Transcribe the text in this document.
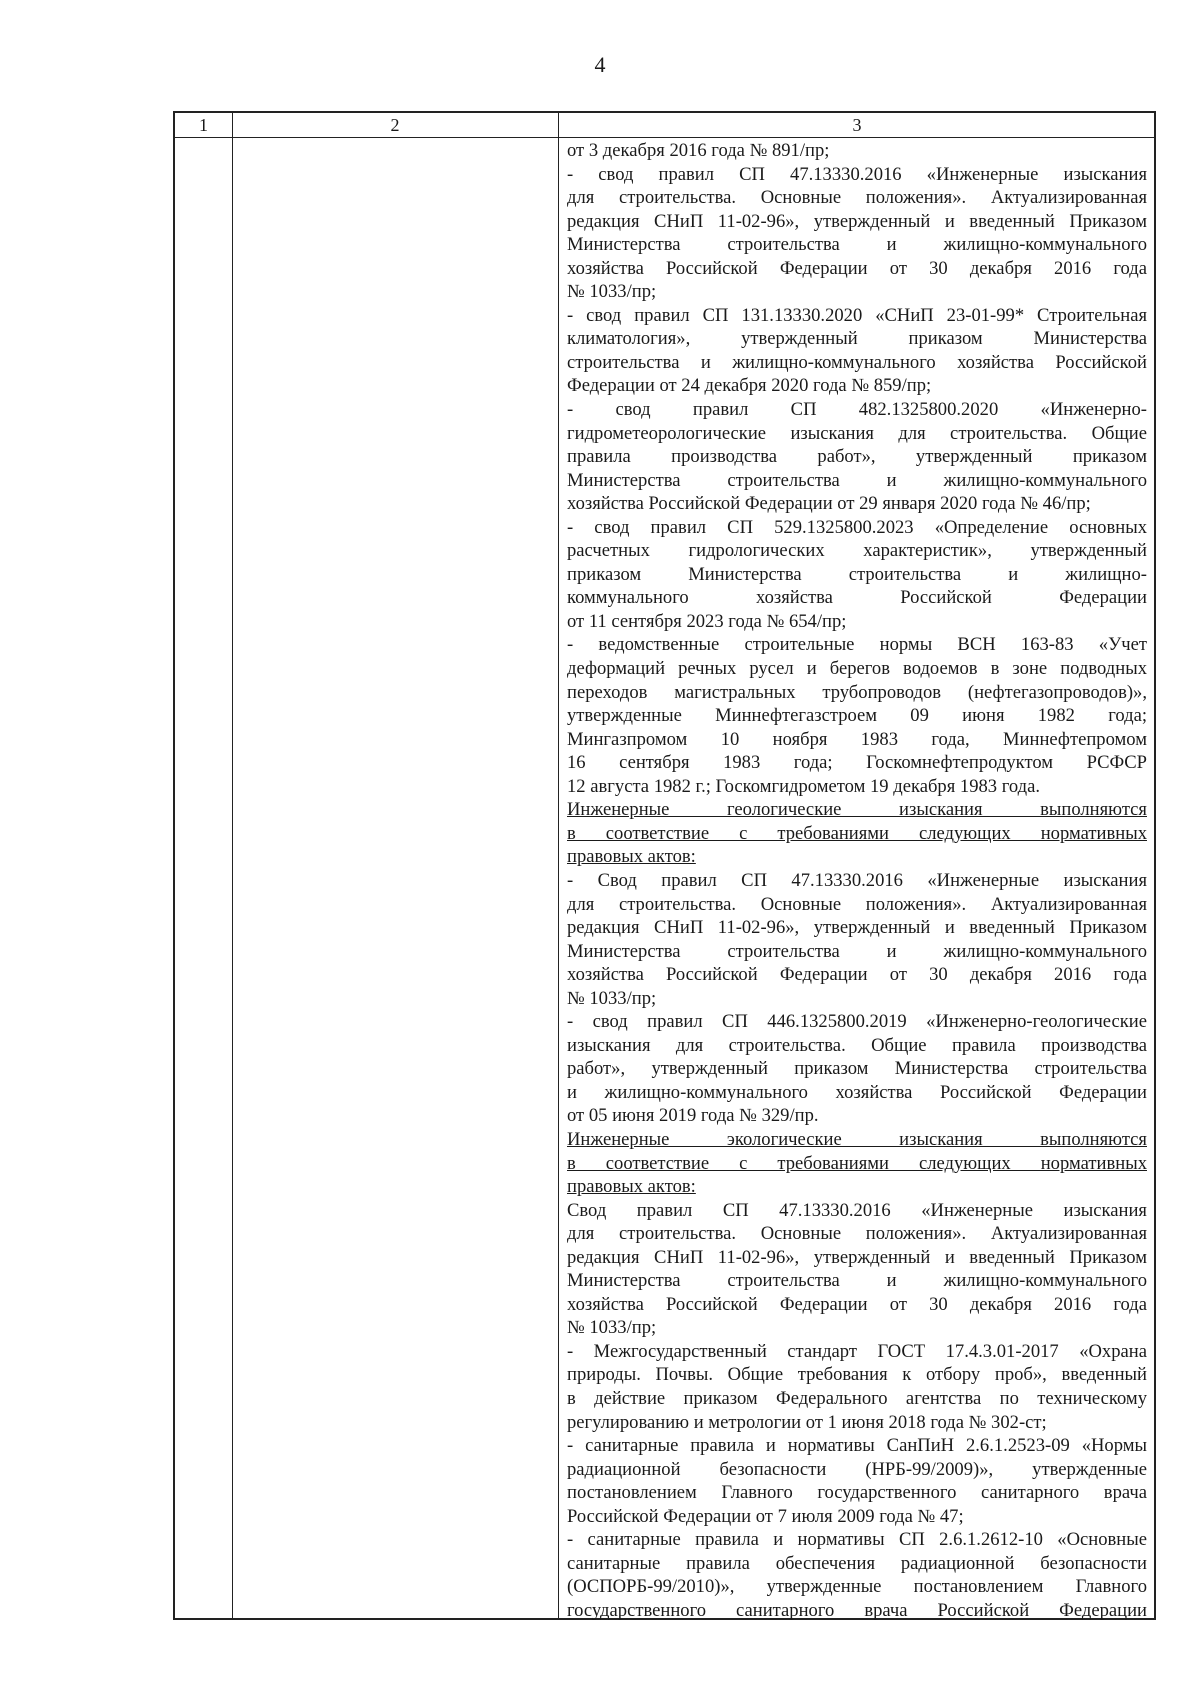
4
1	2	3
от 3 декабря 2016 года № 891/пр;
- свод правил СП 47.13330.2016 «Инженерные изыскания
для строительства. Основные положения». Актуализированная
редакция СНиП 11-02-96», утвержденный и введенный Приказом
Министерства строительства и жилищно-коммунального
хозяйства Российской Федерации от 30 декабря 2016 года
№ 1033/пр;
- свод правил СП 131.13330.2020 «СНиП 23-01-99* Строительная
климатология», утвержденный приказом Министерства
строительства и жилищно-коммунального хозяйства Российской
Федерации от 24 декабря 2020 года № 859/пр;
- свод правил СП 482.1325800.2020 «Инженерно-
гидрометеорологические изыскания для строительства. Общие
правила производства работ», утвержденный приказом
Министерства строительства и жилищно-коммунального
хозяйства Российской Федерации от 29 января 2020 года № 46/пр;
- свод правил СП 529.1325800.2023 «Определение основных
расчетных гидрологических характеристик», утвержденный
приказом Министерства строительства и жилищно-
коммунального хозяйства Российской Федерации
от 11 сентября 2023 года № 654/пр;
- ведомственные строительные нормы ВСН 163-83 «Учет
деформаций речных русел и берегов водоемов в зоне подводных
переходов магистральных трубопроводов (нефтегазопроводов)»,
утвержденные Миннефтегазстроем 09 июня 1982 года;
Мингазпромом 10 ноября 1983 года, Миннефтепромом
16 сентября 1983 года; Госкомнефтепродуктом РСФСР
12 августа 1982 г.; Госкомгидрометом 19 декабря 1983 года.
Инженерные геологические изыскания выполняются
в соответствие с требованиями следующих нормативных
правовых актов:
- Свод правил СП 47.13330.2016 «Инженерные изыскания
для строительства. Основные положения». Актуализированная
редакция СНиП 11-02-96», утвержденный и введенный Приказом
Министерства строительства и жилищно-коммунального
хозяйства Российской Федерации от 30 декабря 2016 года
№ 1033/пр;
- свод правил СП 446.1325800.2019 «Инженерно-геологические
изыскания для строительства. Общие правила производства
работ», утвержденный приказом Министерства строительства
и жилищно-коммунального хозяйства Российской Федерации
от 05 июня 2019 года № 329/пр.
Инженерные экологические изыскания выполняются
в соответствие с требованиями следующих нормативных
правовых актов:
Свод правил СП 47.13330.2016 «Инженерные изыскания
для строительства. Основные положения». Актуализированная
редакция СНиП 11-02-96», утвержденный и введенный Приказом
Министерства строительства и жилищно-коммунального
хозяйства Российской Федерации от 30 декабря 2016 года
№ 1033/пр;
- Межгосударственный стандарт ГОСТ 17.4.3.01-2017 «Охрана
природы. Почвы. Общие требования к отбору проб», введенный
в действие приказом Федерального агентства по техническому
регулированию и метрологии от 1 июня 2018 года № 302-ст;
- санитарные правила и нормативы СанПиН 2.6.1.2523-09 «Нормы
радиационной безопасности (НРБ-99/2009)», утвержденные
постановлением Главного государственного санитарного врача
Российской Федерации от 7 июля 2009 года № 47;
- санитарные правила и нормативы СП 2.6.1.2612-10 «Основные
санитарные правила обеспечения радиационной безопасности
(ОСПОРБ-99/2010)», утвержденные постановлением Главного
государственного санитарного врача Российской Федерации
